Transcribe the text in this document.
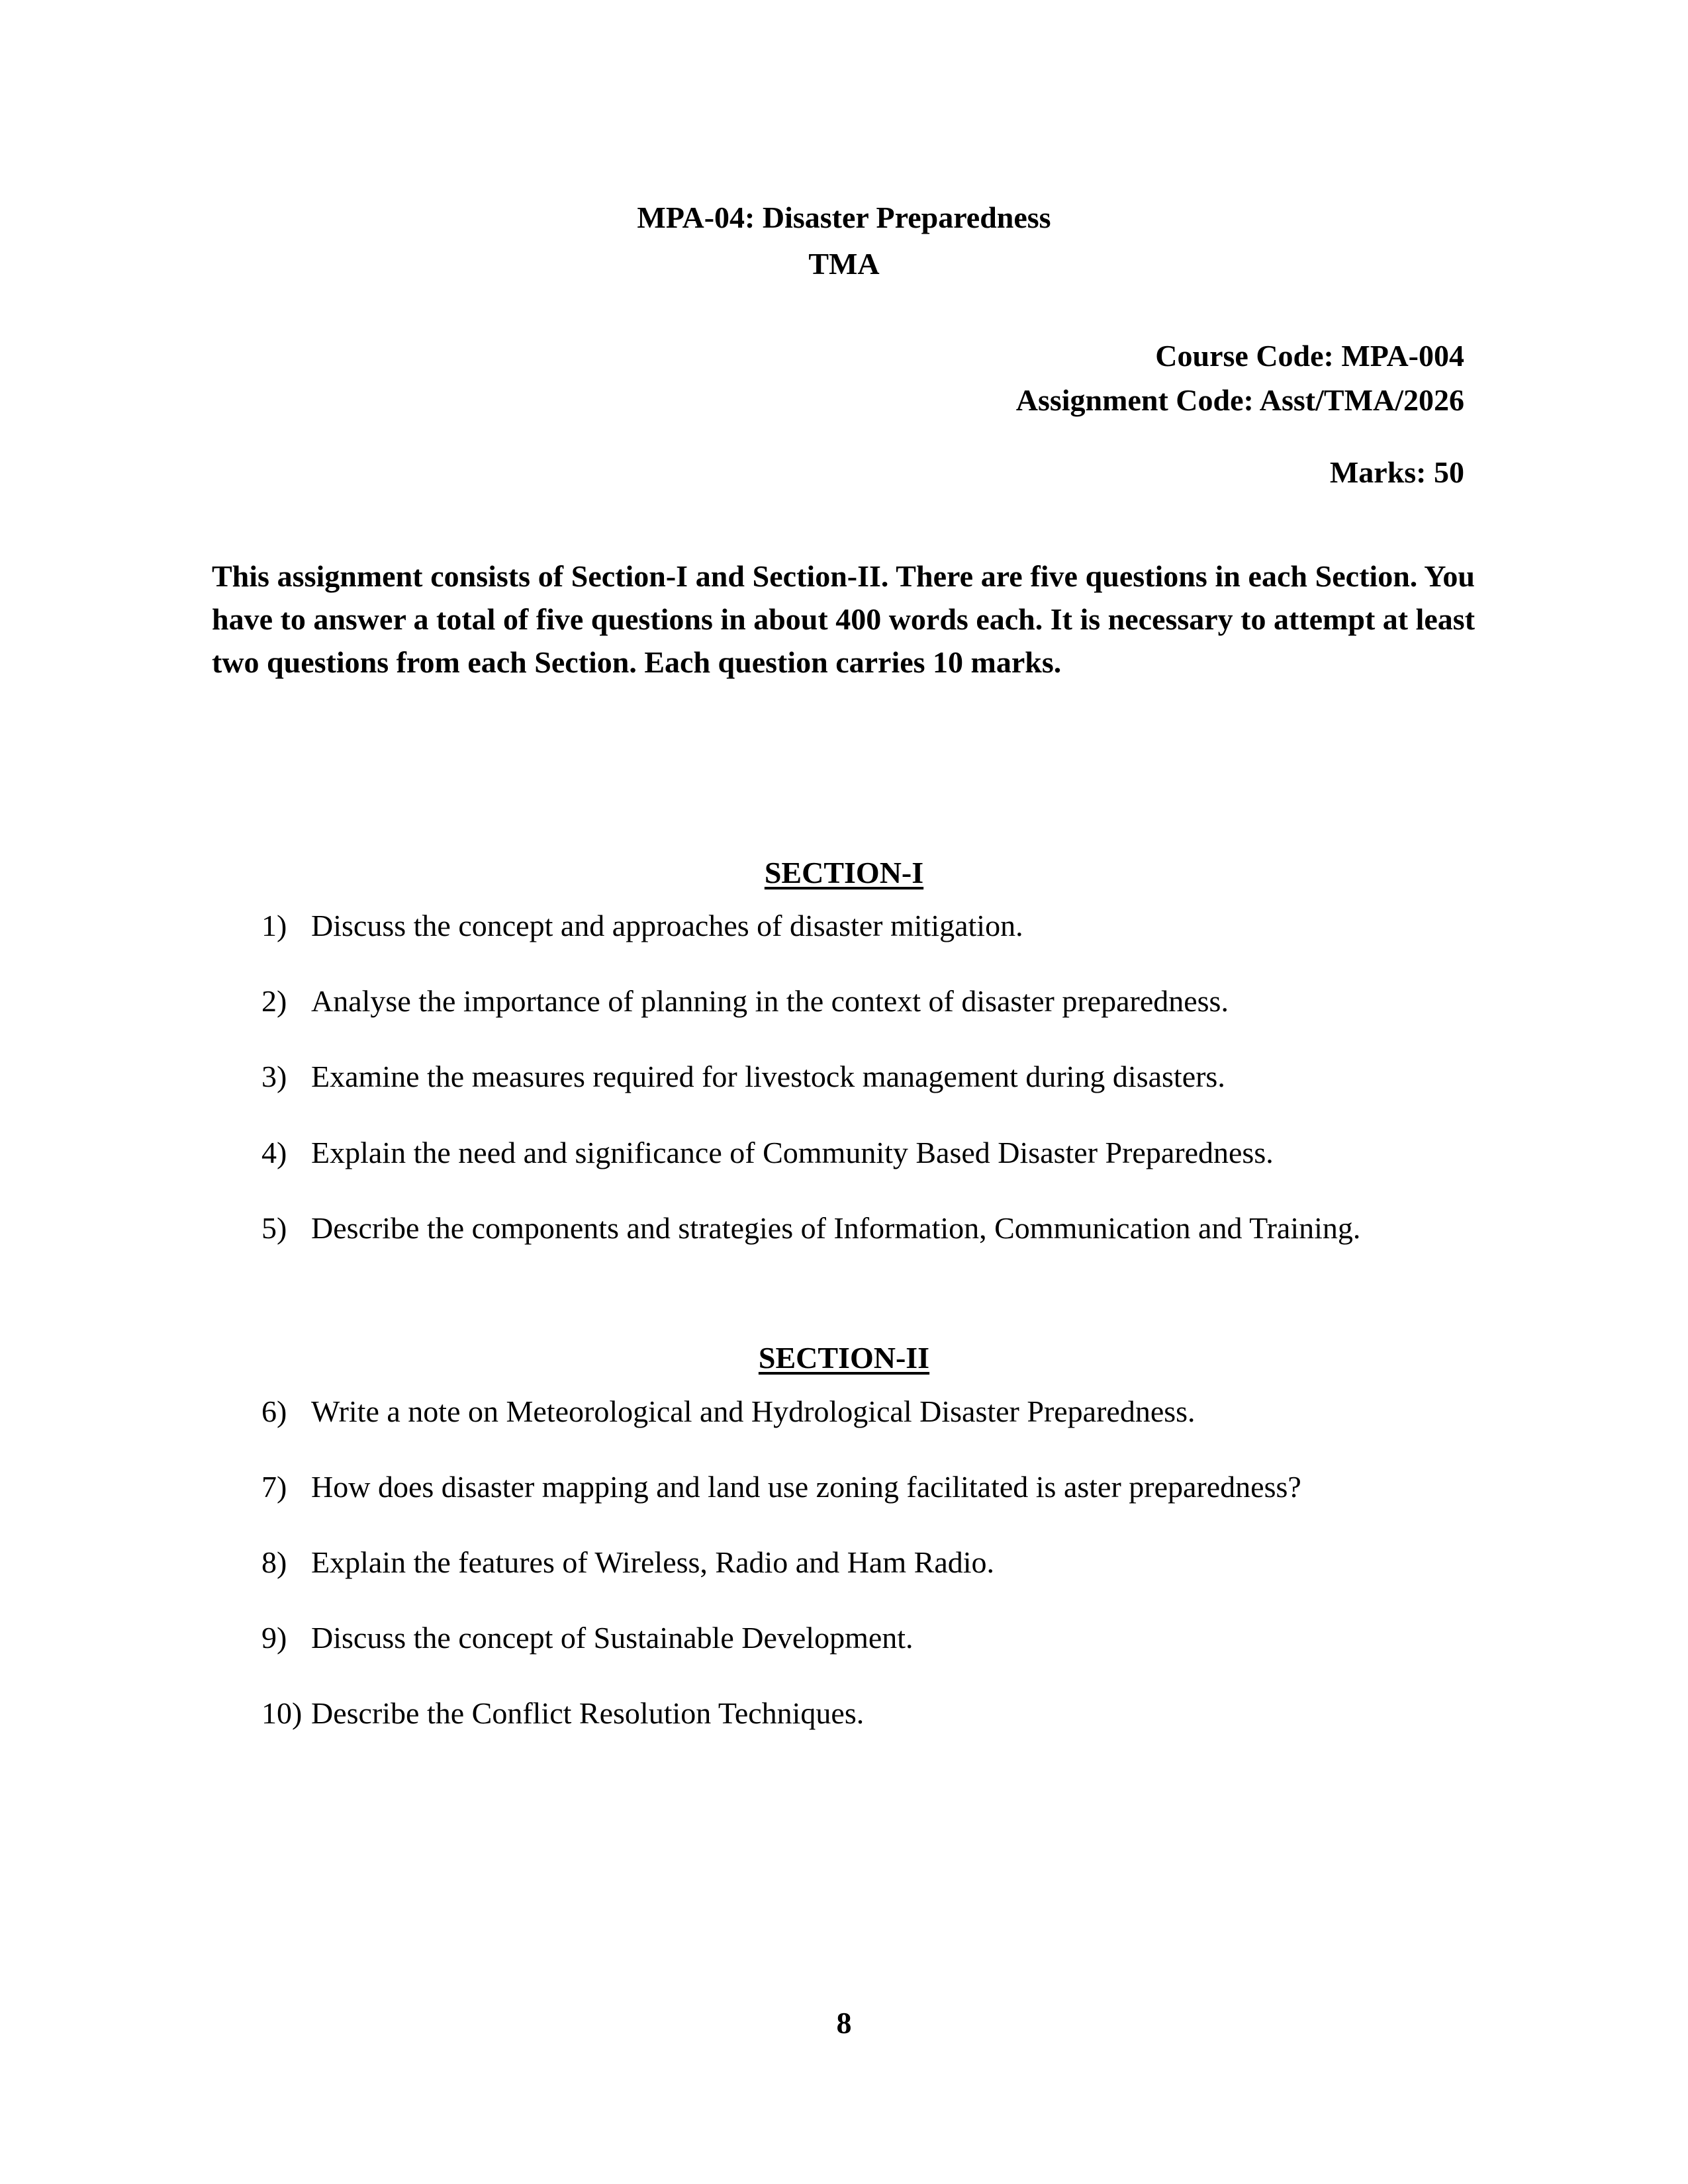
MPA-04: Disaster Preparedness

TMA

Course Code: MPA-004

Assignment Code: Asst/TMA/2026

Marks: 50

This assignment consists of Section-I and Section-II. There are five questions in each Section. You have to answer a total of five questions in about 400 words each. It is necessary to attempt at least two questions from each Section. Each question carries 10 marks.

SECTION-I

1) Discuss the concept and approaches of disaster mitigation.

2) Analyse the importance of planning in the context of disaster preparedness.

3) Examine the measures required for livestock management during disasters.

4) Explain the need and significance of Community Based Disaster Preparedness.

5) Describe the components and strategies of Information, Communication and Training.

SECTION-II

6) Write a note on Meteorological and Hydrological Disaster Preparedness.

7) How does disaster mapping and land use zoning facilitated is aster preparedness?

8) Explain the features of Wireless, Radio and Ham Radio.

9) Discuss the concept of Sustainable Development.

10) Describe the Conflict Resolution Techniques.

8
